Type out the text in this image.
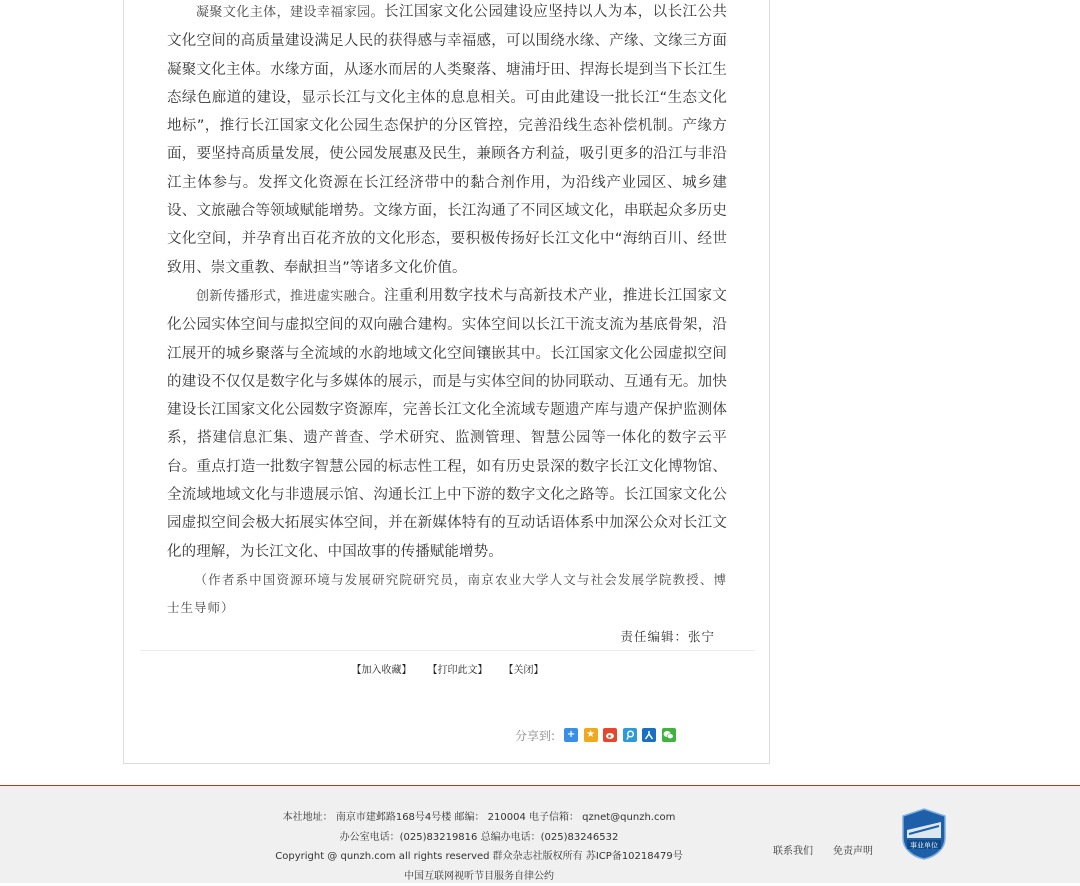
凝聚文化主体，建设幸福家园。长江国家文化公园建设应坚持以人为本，以长江公共文化空间的高质量建设满足人民的获得感与幸福感，可以围绕水缘、产缘、文缘三方面凝聚文化主体。水缘方面，从逐水而居的人类聚落、塘浦圩田、捍海长堤到当下长江生态绿色廊道的建设，显示长江与文化主体的息息相关。可由此建设一批长江“生态文化地标”，推行长江国家文化公园生态保护的分区管控，完善沿线生态补偿机制。产缘方面，要坚持高质量发展，使公园发展惠及民生，兼顾各方利益，吸引更多的沿江与非沿江主体参与。发挥文化资源在长江经济带中的黏合剂作用，为沿线产业园区、城乡建设、文旅融合等领域赋能增势。文缘方面，长江沟通了不同区域文化，串联起众多历史文化空间，并孕育出百花齐放的文化形态，要积极传扬好长江文化中“海纳百川、经世致用、崇文重教、奉献担当”等诸多文化价值。

创新传播形式，推进虚实融合。注重利用数字技术与高新技术产业，推进长江国家文化公园实体空间与虚拟空间的双向融合建构。实体空间以长江干流支流为基底骨架，沿江展开的城乡聚落与全流域的水韵地域文化空间镶嵌其中。长江国家文化公园虚拟空间的建设不仅仅是数字化与多媒体的展示，而是与实体空间的协同联动、互通有无。加快建设长江国家文化公园数字资源库，完善长江文化全流域专题遗产库与遗产保护监测体系，搭建信息汇集、遗产普查、学术研究、监测管理、智慧公园等一体化的数字云平台。重点打造一批数字智慧公园的标志性工程，如有历史景深的数字长江文化博物馆、全流域地域文化与非遗展示馆、沟通长江上中下游的数字文化之路等。长江国家文化公园虚拟空间会极大拓展实体空间，并在新媒体特有的互动话语体系中加深公众对长江文化的理解，为长江文化、中国故事的传播赋能增势。

（作者系中国资源环境与发展研究院研究员，南京农业大学人文与社会发展学院教授、博士生导师）

责任编辑：张宁

【加入收藏】 【打印此文】 【关闭】
分享到: + ★
本社地址： 南京市建邺路168号4号楼 邮编： 210004 电子信箱： qznet@qunzh.com
办公室电话：(025)83219816 总编办电话：(025)83246532
Copyright @ qunzh.com all rights reserved 群众杂志社版权所有 苏ICP备10218479号
中国互联网视听节目服务自律公约
联系我们 免责声明
事业单位
